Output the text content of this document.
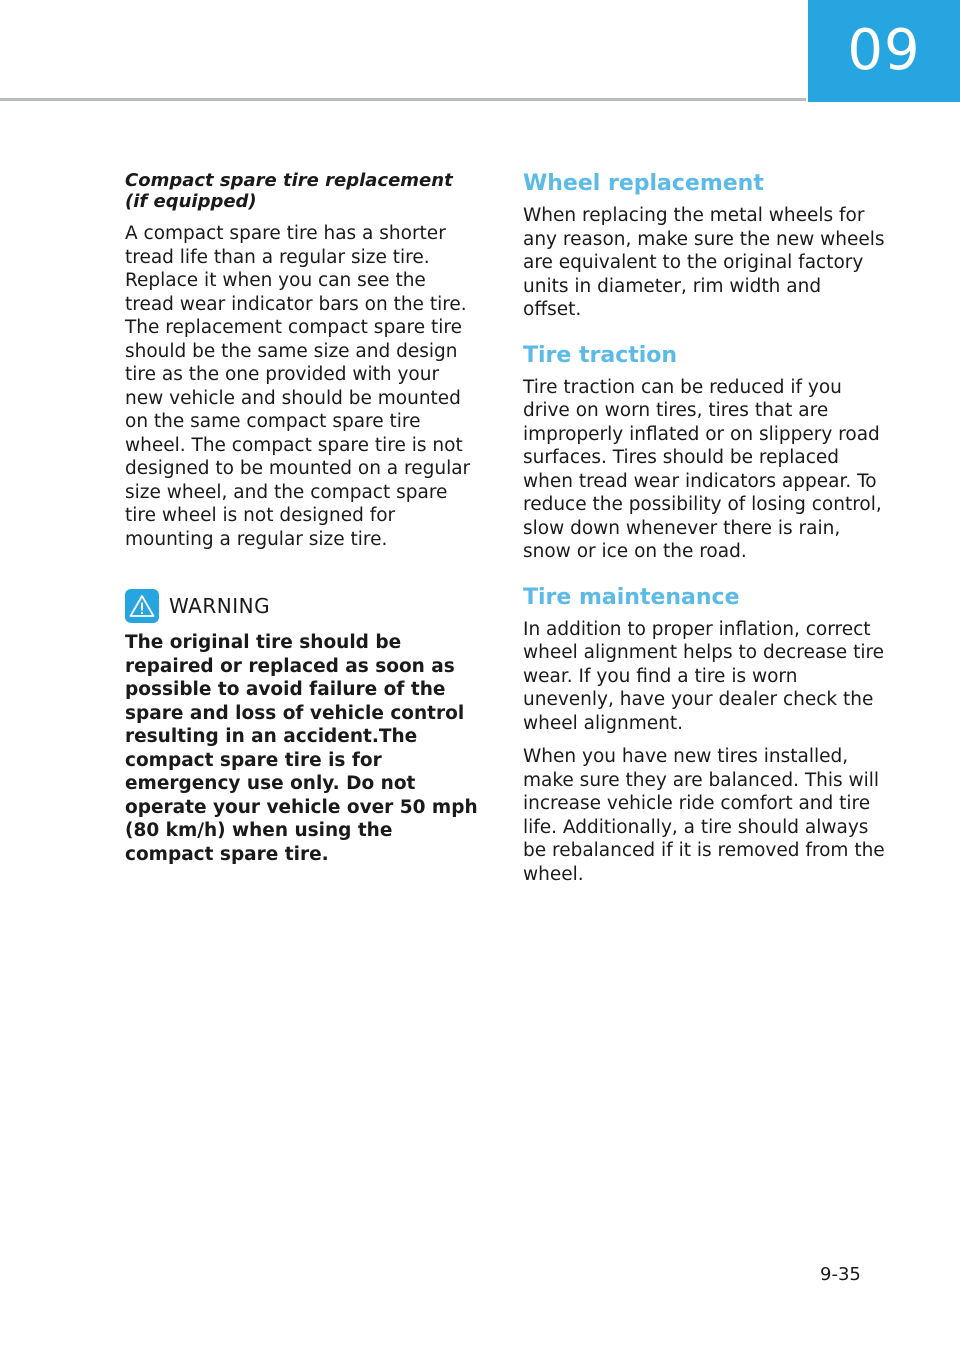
09
Compact spare tire replacement
(if equipped)

A compact spare tire has a shorter tread life than a regular size tire. Replace it when you can see the tread wear indicator bars on the tire. The replacement compact spare tire should be the same size and design tire as the one provided with your new vehicle and should be mounted on the same compact spare tire wheel. The compact spare tire is not designed to be mounted on a regular size wheel, and the compact spare tire wheel is not designed for mounting a regular size tire.

WARNING

The original tire should be repaired or replaced as soon as possible to avoid failure of the spare and loss of vehicle control resulting in an accident.The compact spare tire is for emergency use only. Do not operate your vehicle over 50 mph (80 km/h) when using the compact spare tire.

Wheel replacement

When replacing the metal wheels for any reason, make sure the new wheels are equivalent to the original factory units in diameter, rim width and offset.

Tire traction

Tire traction can be reduced if you drive on worn tires, tires that are improperly inflated or on slippery road surfaces. Tires should be replaced when tread wear indicators appear. To reduce the possibility of losing control, slow down whenever there is rain, snow or ice on the road.

Tire maintenance

In addition to proper inflation, correct wheel alignment helps to decrease tire wear. If you find a tire is worn unevenly, have your dealer check the wheel alignment.

When you have new tires installed, make sure they are balanced. This will increase vehicle ride comfort and tire life. Additionally, a tire should always be rebalanced if it is removed from the wheel.

9-35
